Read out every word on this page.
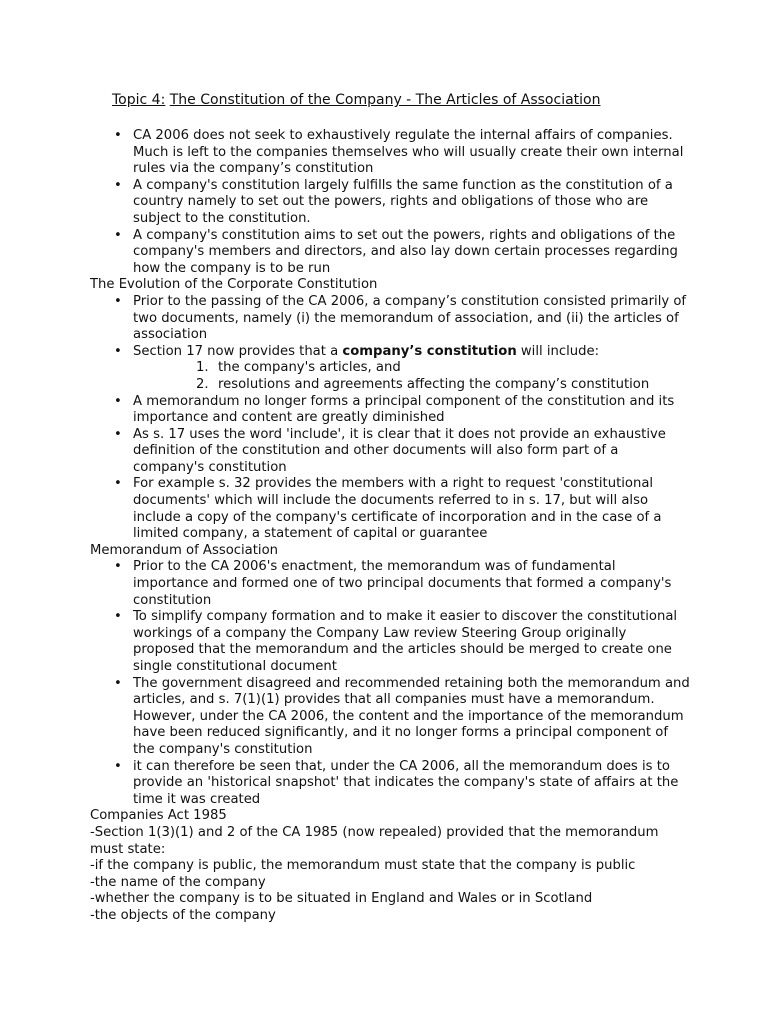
Topic 4: The Constitution of the Company - The Articles of Association
• CA 2006 does not seek to exhaustively regulate the internal affairs of companies. Much is left to the companies themselves who will usually create their own internal rules via the company’s constitution
• A company's constitution largely fulfills the same function as the constitution of a country namely to set out the powers, rights and obligations of those who are subject to the constitution.
• A company's constitution aims to set out the powers, rights and obligations of the company's members and directors, and also lay down certain processes regarding how the company is to be run

The Evolution of the Corporate Constitution

• Prior to the passing of the CA 2006, a company’s constitution consisted primarily of two documents, namely (i) the memorandum of association, and (ii) the articles of association
• Section 17 now provides that a company’s constitution will include:
1. the company's articles, and
2. resolutions and agreements affecting the company’s constitution
• A memorandum no longer forms a principal component of the constitution and its importance and content are greatly diminished
• As s. 17 uses the word 'include', it is clear that it does not provide an exhaustive definition of the constitution and other documents will also form part of a company's constitution
• For example s. 32 provides the members with a right to request 'constitutional documents' which will include the documents referred to in s. 17, but will also include a copy of the company's certificate of incorporation and in the case of a limited company, a statement of capital or guarantee

Memorandum of Association

• Prior to the CA 2006's enactment, the memorandum was of fundamental importance and formed one of two principal documents that formed a company's constitution
• To simplify company formation and to make it easier to discover the constitutional workings of a company the Company Law review Steering Group originally proposed that the memorandum and the articles should be merged to create one single constitutional document
• The government disagreed and recommended retaining both the memorandum and articles, and s. 7(1)(1) provides that all companies must have a memorandum. However, under the CA 2006, the content and the importance of the memorandum have been reduced significantly, and it no longer forms a principal component of the company's constitution
• it can therefore be seen that, under the CA 2006, all the memorandum does is to provide an 'historical snapshot' that indicates the company's state of affairs at the time it was created

Companies Act 1985

-Section 1(3)(1) and 2 of the CA 1985 (now repealed) provided that the memorandum must state:

-if the company is public, the memorandum must state that the company is public

-the name of the company

-whether the company is to be situated in England and Wales or in Scotland

-the objects of the company
